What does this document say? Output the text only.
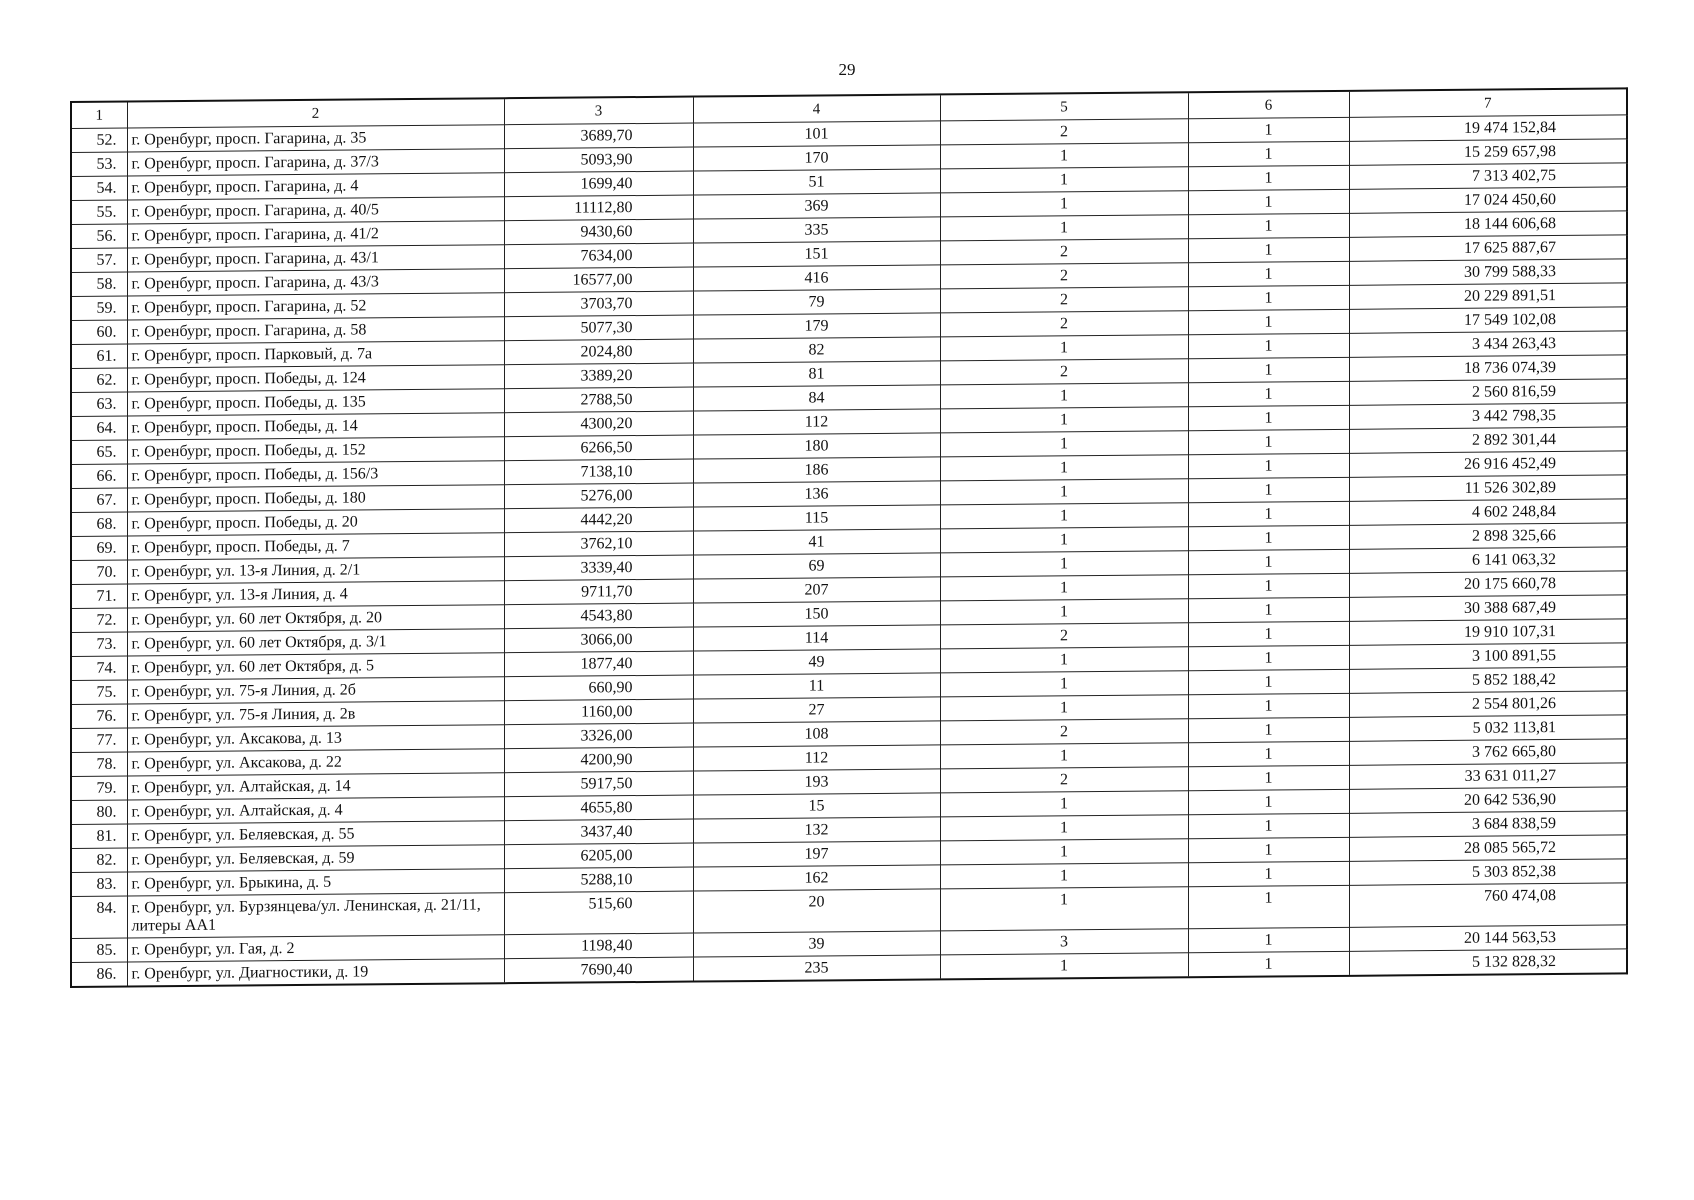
29
1	2	3	4	5	6	7
52.	г. Оренбург, просп. Гагарина, д. 35	3689,70	101	2	1	19 474 152,84
53.	г. Оренбург, просп. Гагарина, д. 37/3	5093,90	170	1	1	15 259 657,98
54.	г. Оренбург, просп. Гагарина, д. 4	1699,40	51	1	1	7 313 402,75
55.	г. Оренбург, просп. Гагарина, д. 40/5	11112,80	369	1	1	17 024 450,60
56.	г. Оренбург, просп. Гагарина, д. 41/2	9430,60	335	1	1	18 144 606,68
57.	г. Оренбург, просп. Гагарина, д. 43/1	7634,00	151	2	1	17 625 887,67
58.	г. Оренбург, просп. Гагарина, д. 43/3	16577,00	416	2	1	30 799 588,33
59.	г. Оренбург, просп. Гагарина, д. 52	3703,70	79	2	1	20 229 891,51
60.	г. Оренбург, просп. Гагарина, д. 58	5077,30	179	2	1	17 549 102,08
61.	г. Оренбург, просп. Парковый, д. 7а	2024,80	82	1	1	3 434 263,43
62.	г. Оренбург, просп. Победы, д. 124	3389,20	81	2	1	18 736 074,39
63.	г. Оренбург, просп. Победы, д. 135	2788,50	84	1	1	2 560 816,59
64.	г. Оренбург, просп. Победы, д. 14	4300,20	112	1	1	3 442 798,35
65.	г. Оренбург, просп. Победы, д. 152	6266,50	180	1	1	2 892 301,44
66.	г. Оренбург, просп. Победы, д. 156/3	7138,10	186	1	1	26 916 452,49
67.	г. Оренбург, просп. Победы, д. 180	5276,00	136	1	1	11 526 302,89
68.	г. Оренбург, просп. Победы, д. 20	4442,20	115	1	1	4 602 248,84
69.	г. Оренбург, просп. Победы, д. 7	3762,10	41	1	1	2 898 325,66
70.	г. Оренбург, ул. 13-я Линия, д. 2/1	3339,40	69	1	1	6 141 063,32
71.	г. Оренбург, ул. 13-я Линия, д. 4	9711,70	207	1	1	20 175 660,78
72.	г. Оренбург, ул. 60 лет Октября, д. 20	4543,80	150	1	1	30 388 687,49
73.	г. Оренбург, ул. 60 лет Октября, д. 3/1	3066,00	114	2	1	19 910 107,31
74.	г. Оренбург, ул. 60 лет Октября, д. 5	1877,40	49	1	1	3 100 891,55
75.	г. Оренбург, ул. 75-я Линия, д. 2б	660,90	11	1	1	5 852 188,42
76.	г. Оренбург, ул. 75-я Линия, д. 2в	1160,00	27	1	1	2 554 801,26
77.	г. Оренбург, ул. Аксакова, д. 13	3326,00	108	2	1	5 032 113,81
78.	г. Оренбург, ул. Аксакова, д. 22	4200,90	112	1	1	3 762 665,80
79.	г. Оренбург, ул. Алтайская, д. 14	5917,50	193	2	1	33 631 011,27
80.	г. Оренбург, ул. Алтайская, д. 4	4655,80	15	1	1	20 642 536,90
81.	г. Оренбург, ул. Беляевская, д. 55	3437,40	132	1	1	3 684 838,59
82.	г. Оренбург, ул. Беляевская, д. 59	6205,00	197	1	1	28 085 565,72
83.	г. Оренбург, ул. Брыкина, д. 5	5288,10	162	1	1	5 303 852,38
84.	г. Оренбург, ул. Бурзянцева/ул. Ленинская, д. 21/11, литеры АА1	515,60	20	1	1	760 474,08
85.	г. Оренбург, ул. Гая, д. 2	1198,40	39	3	1	20 144 563,53
86.	г. Оренбург, ул. Диагностики, д. 19	7690,40	235	1	1	5 132 828,32
